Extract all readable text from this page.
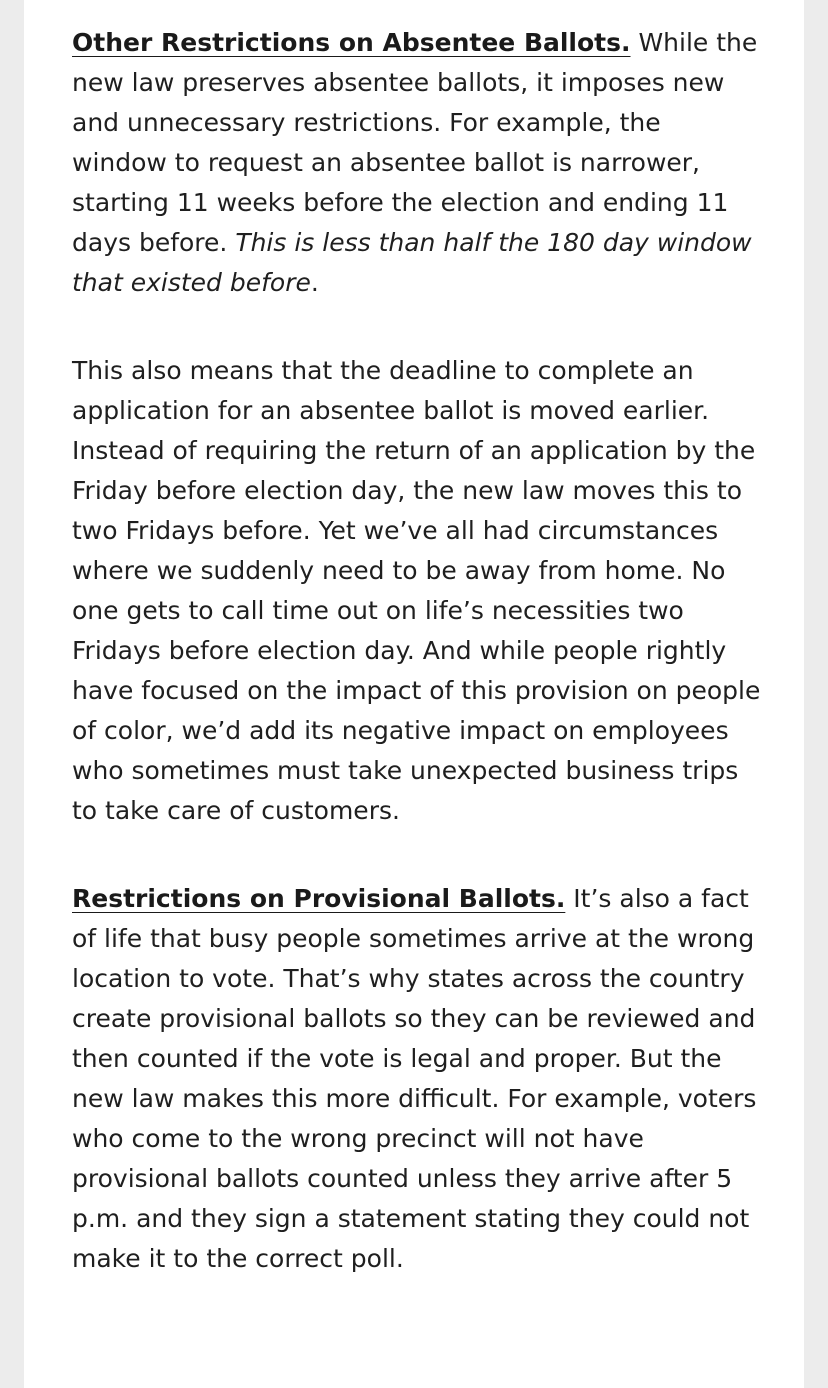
Other Restrictions on Absentee Ballots. While the new law preserves absentee ballots, it imposes new and unnecessary restrictions. For example, the window to request an absentee ballot is narrower, starting 11 weeks before the election and ending 11 days before. This is less than half the 180 day window that existed before.

This also means that the deadline to complete an application for an absentee ballot is moved earlier. Instead of requiring the return of an application by the Friday before election day, the new law moves this to two Fridays before. Yet we’ve all had circumstances where we suddenly need to be away from home. No one gets to call time out on life’s necessities two Fridays before election day. And while people rightly have focused on the impact of this provision on people of color, we’d add its negative impact on employees who sometimes must take unexpected business trips to take care of customers.

Restrictions on Provisional Ballots. It’s also a fact of life that busy people sometimes arrive at the wrong location to vote. That’s why states across the country create provisional ballots so they can be reviewed and then counted if the vote is legal and proper. But the new law makes this more difficult. For example, voters who come to the wrong precinct will not have provisional ballots counted unless they arrive after 5 p.m. and they sign a statement stating they could not make it to the correct poll.
